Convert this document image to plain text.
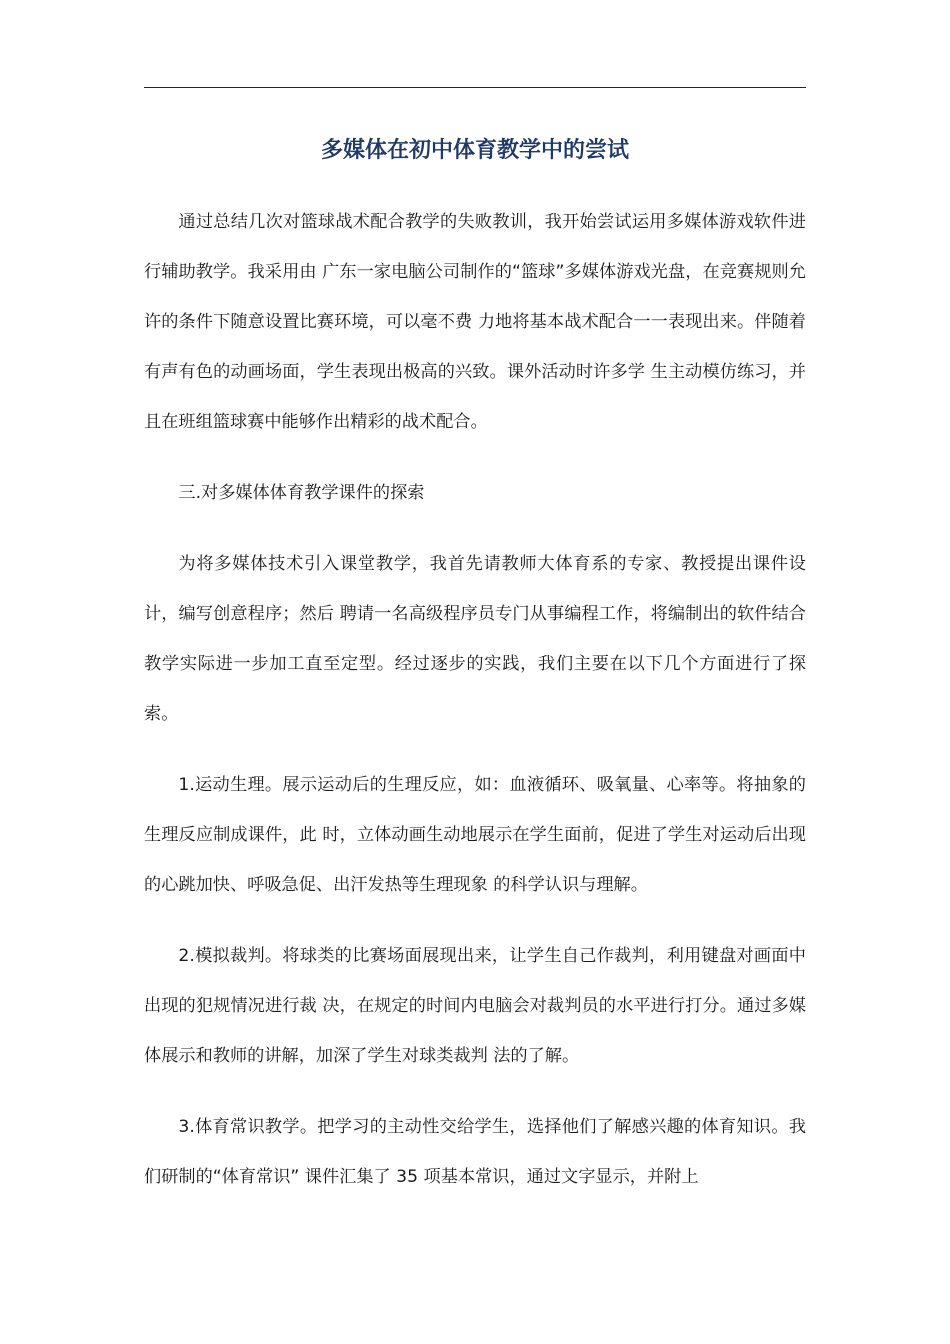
多媒体在初中体育教学中的尝试

通过总结几次对篮球战术配合教学的失败教训，我开始尝试运用多媒体游戏软件进行辅助教学。我采用由 广东一家电脑公司制作的“篮球”多媒体游戏光盘，在竞赛规则允许的条件下随意设置比赛环境，可以毫不费 力地将基本战术配合一一表现出来。伴随着有声有色的动画场面，学生表现出极高的兴致。课外活动时许多学 生主动模仿练习，并且在班组篮球赛中能够作出精彩的战术配合。

三.对多媒体体育教学课件的探索

为将多媒体技术引入课堂教学，我首先请教师大体育系的专家、教授提出课件设计，编写创意程序；然后 聘请一名高级程序员专门从事编程工作，将编制出的软件结合教学实际进一步加工直至定型。经过逐步的实践，我们主要在以下几个方面进行了探索。

1.运动生理。展示运动后的生理反应，如：血液循环、吸氧量、心率等。将抽象的生理反应制成课件，此 时，立体动画生动地展示在学生面前，促进了学生对运动后出现的心跳加快、呼吸急促、出汗发热等生理现象 的科学认识与理解。

2.模拟裁判。将球类的比赛场面展现出来，让学生自己作裁判，利用键盘对画面中出现的犯规情况进行裁 决，在规定的时间内电脑会对裁判员的水平进行打分。通过多媒体展示和教师的讲解，加深了学生对球类裁判 法的了解。

3.体育常识教学。把学习的主动性交给学生，选择他们了解感兴趣的体育知识。我们研制的“体育常识” 课件汇集了 35 项基本常识，通过文字显示，并附上
